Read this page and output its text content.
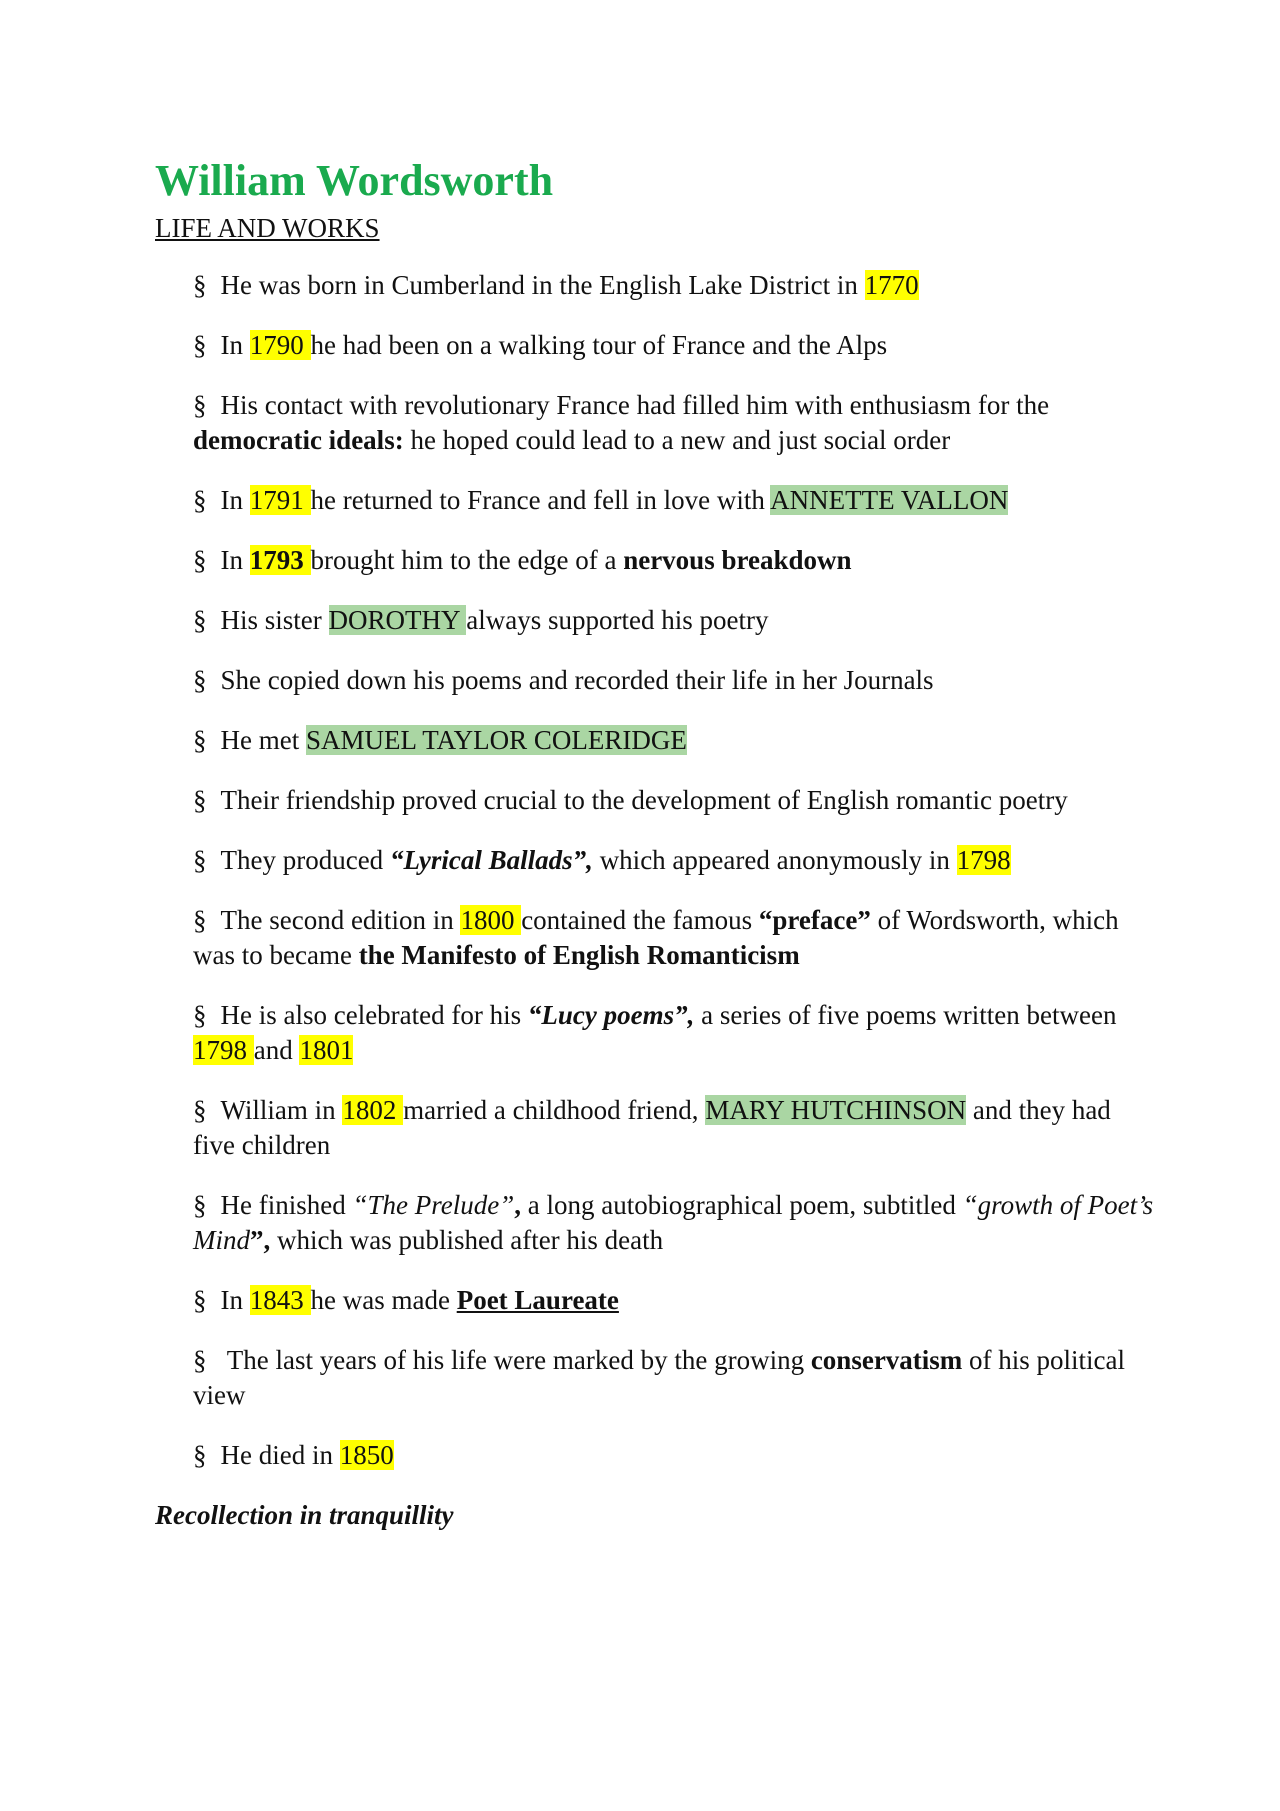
William Wordsworth
LIFE AND WORKS
§ He was born in Cumberland in the English Lake District in 1770
§ In 1790 he had been on a walking tour of France and the Alps
§ His contact with revolutionary France had filled him with enthusiasm for the democratic ideals: he hoped could lead to a new and just social order
§ In 1791 he returned to France and fell in love with ANNETTE VALLON
§ In 1793 brought him to the edge of a nervous breakdown
§ His sister DOROTHY always supported his poetry
§ She copied down his poems and recorded their life in her Journals
§ He met SAMUEL TAYLOR COLERIDGE
§ Their friendship proved crucial to the development of English romantic poetry
§ They produced “Lyrical Ballads”, which appeared anonymously in 1798
§ The second edition in 1800 contained the famous “preface” of Wordsworth, which was to became the Manifesto of English Romanticism
§ He is also celebrated for his “Lucy poems”, a series of five poems written between 1798 and 1801
§ William in 1802 married a childhood friend, MARY HUTCHINSON and they had five children
§ He finished “The Prelude”, a long autobiographical poem, subtitled “growth of Poet’s Mind”, which was published after his death
§ In 1843 he was made Poet Laureate
§ The last years of his life were marked by the growing conservatism of his political view
§ He died in 1850
Recollection in tranquillity
